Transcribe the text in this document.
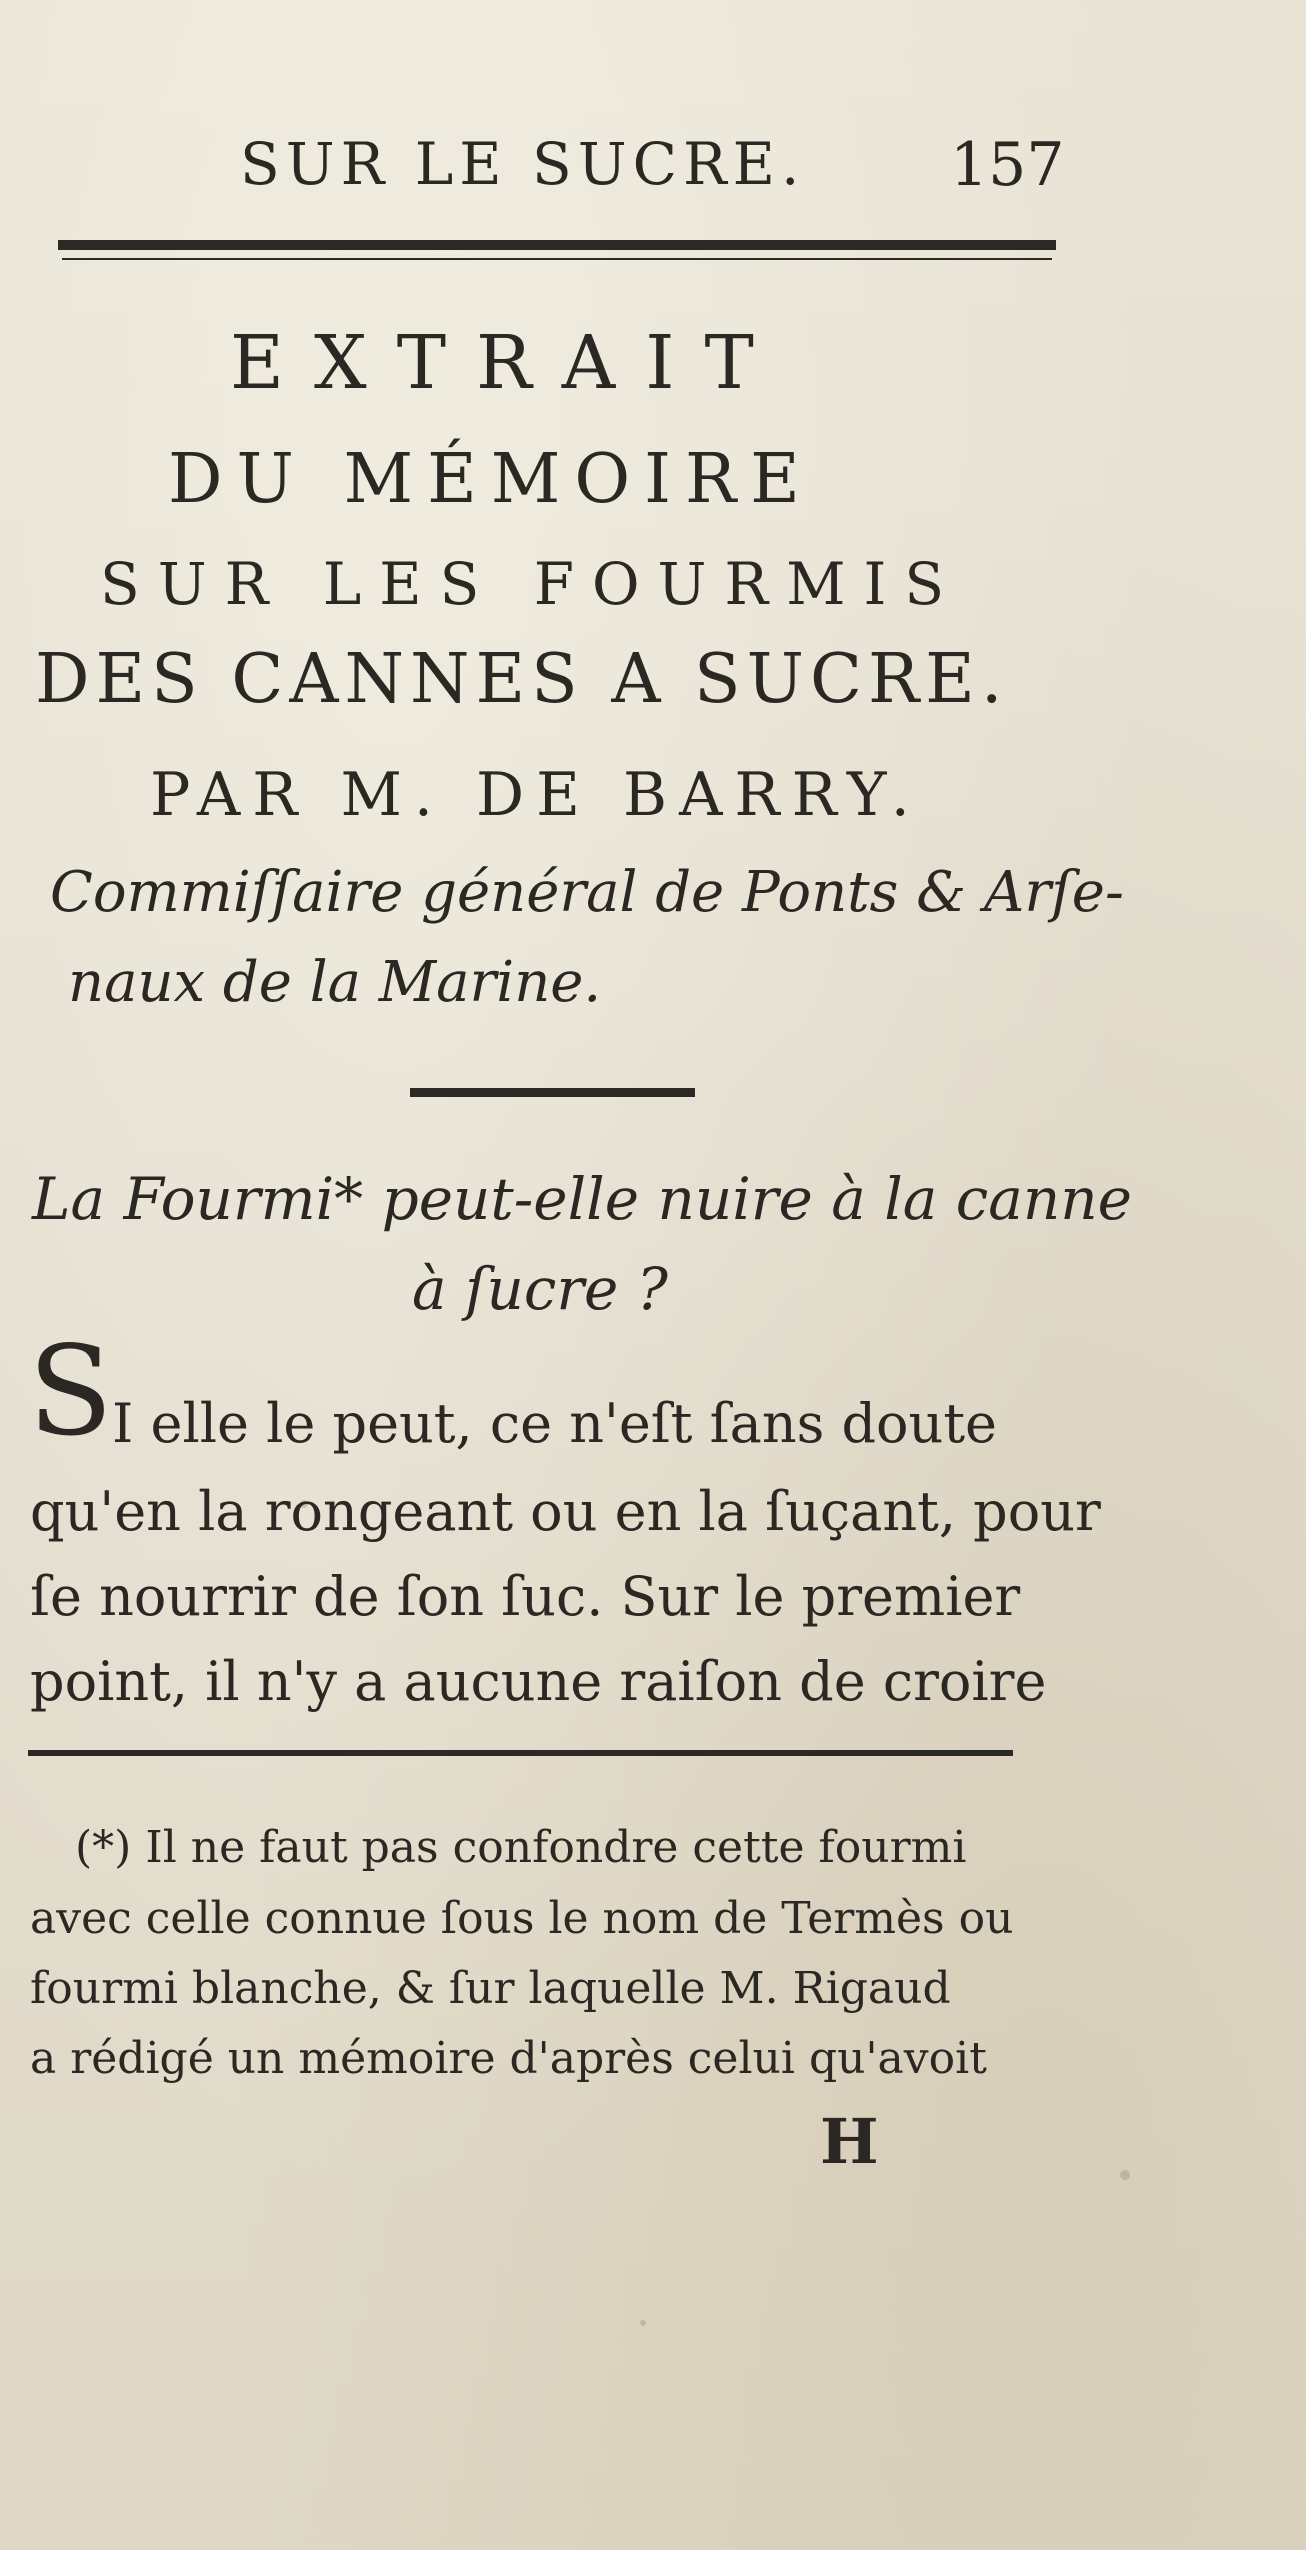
SUR LE SUCRE. 157
EXTRAIT
DU MÉMOIRE
SUR LES FOURMIS
DES CANNES A SUCRE.
PAR M. DE BARRY.
Commiſſaire général de Ponts & Arſe-
naux de la Marine.
La Fourmi* peut-elle nuire à la canne
à ſucre ?
S I elle le peut, ce n'eſt ſans doute
qu'en la rongeant ou en la ſuçant, pour
ſe nourrir de ſon ſuc. Sur le premier
point, il n'y a aucune raiſon de croire
(*) Il ne faut pas confondre cette fourmi
avec celle connue ſous le nom de Termès ou
fourmi blanche, & ſur laquelle M. Rigaud
a rédigé un mémoire d'après celui qu'avoit
H
